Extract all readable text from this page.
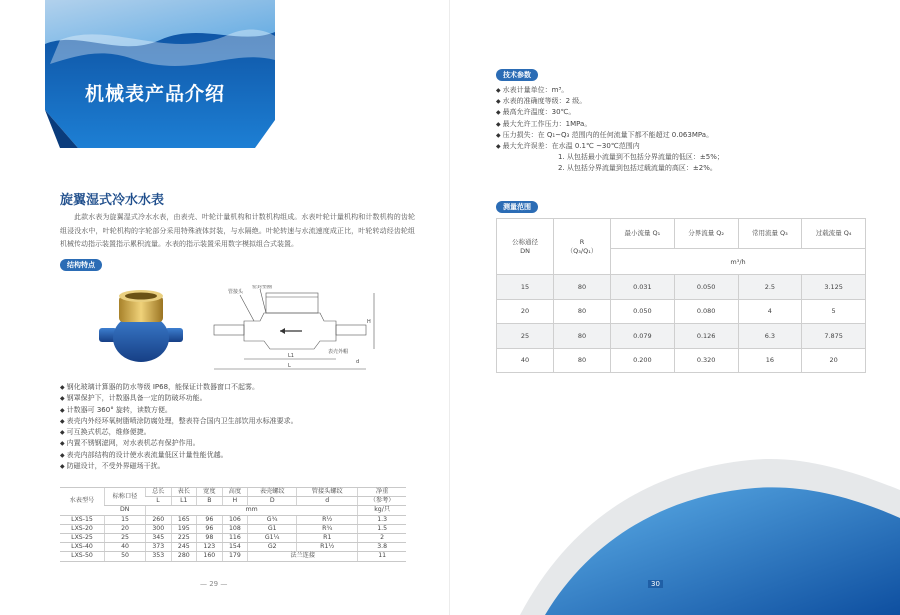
机械表产品介绍
旋翼湿式冷水水表
此款水表为旋翼湿式冷水水表，由表壳、叶轮计量机构和计数机构组成。水表叶轮计量机构和计数机构的齿轮组浸没水中，叶轮机构的字轮部分采用特殊液体封装，与水隔绝。叶轮转速与水流速度成正比，叶轮转动经齿轮组机械传动指示装置指示累积流量。水表的指示装置采用数字模拟组合式装置。
结构特点
管接头
密封垫圈
表壳外帽
d
H
L1
L
◆ 钢化玻璃计算器的防水等级 IP68，能保证计数器窗口不起雾。
◆ 钢罩保护下，计数器具备一定的防破坏功能。
◆ 计数器可 360° 旋转，读数方便。
◆ 表壳内外经环氧树脂喷涂防腐处理，整表符合国内卫生部饮用水标准要求。
◆ 可互换式机芯，维修便捷。
◆ 内置不锈钢滤网，对水表机芯有保护作用。
◆ 表壳内部结构的设计使水表流量低区计量性能优越。
◆ 防磁设计，不受外界磁场干扰。
水表型号	标称口径	总长	表长	宽度	高度	表壳螺纹	管接头螺纹	净重
		L	L1	B	H	D	d	（参考）
	DN	mm						kg/只
LXS-15	15	260	165	96	106	G¾	R½	1.3
LXS-20	20	300	195	96	108	G1	R¾	1.5
LXS-25	25	345	225	98	116	G1¼	R1	2
LXS-40	40	373	245	123	154	G2	R1½	3.8
LXS-50	50	353	280	160	179	法兰连接		11
— 29 —
技术参数
◆ 水表计量单位：m³。
◆ 水表的准确度等级：2 级。
◆ 最高允许温度：30℃。
◆ 最大允许工作压力：1MPa。
◆ 压力损失：在 Q₁~Q₃ 范围内的任何流量下都不能超过 0.063MPa。
◆ 最大允许误差：在水温 0.1℃ ~30℃范围内
1. 从包括最小流量到不包括分界流量的低区：±5%；
2. 从包括分界流量到包括过载流量的高区：±2%。
测量范围
公称通径
DN	R
（Q₃/Q₁）	最小流量 Q₁	分界流量 Q₂	常用流量 Q₃	过载流量 Q₄
		m³/h			
15	80	0.031	0.050	2.5	3.125
20	80	0.050	0.080	4	5
25	80	0.079	0.126	6.3	7.875
40	80	0.200	0.320	16	20
30
